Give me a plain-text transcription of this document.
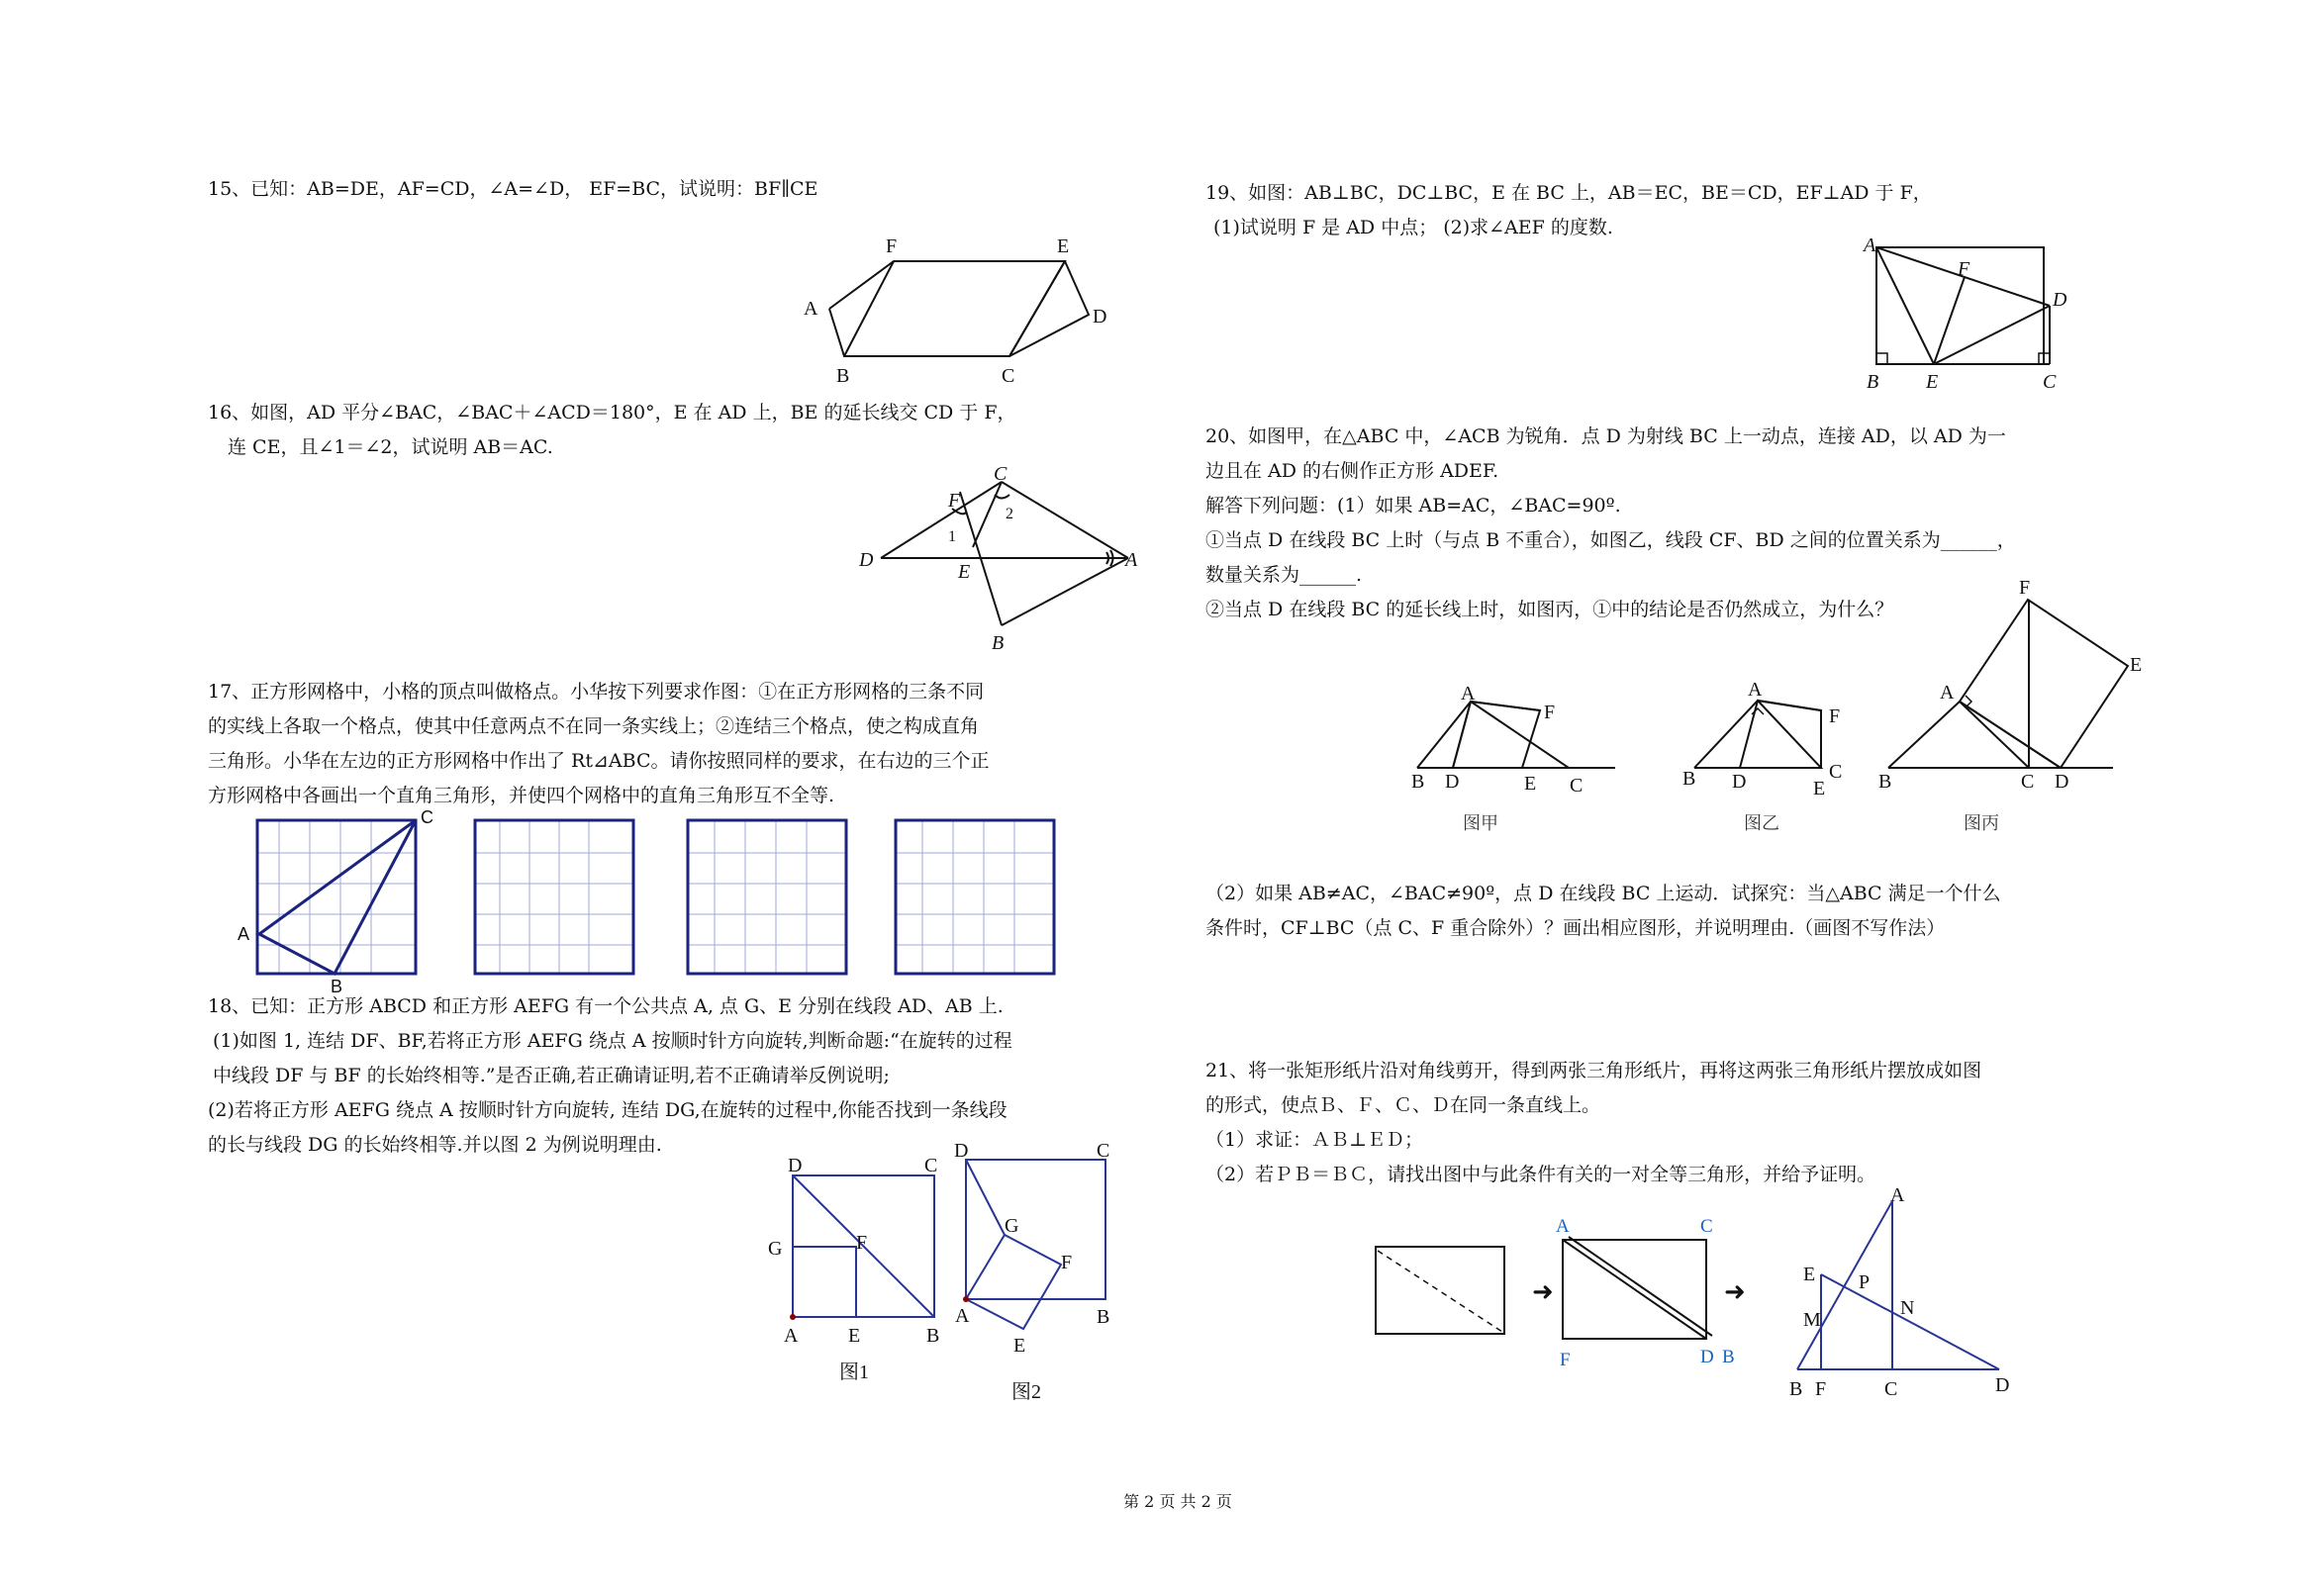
15、已知：AB=DE，AF=CD，∠A=∠D， EF=BC，试说明：BF∥CE

16、如图，AD 平分∠BAC，∠BAC＋∠ACD＝180°，E 在 AD 上，BE 的延长线交 CD 于 F，

连 CE，且∠1＝∠2，试说明 AB＝AC.

17、正方形网格中，小格的顶点叫做格点。小华按下列要求作图：①在正方形网格的三条不同

的实线上各取一个格点，使其中任意两点不在同一条实线上；②连结三个格点，使之构成直角

三角形。小华在左边的正方形网格中作出了 Rt⊿ABC。请你按照同样的要求，在右边的三个正

方形网格中各画出一个直角三角形，并使四个网格中的直角三角形互不全等.

18、已知：正方形 ABCD 和正方形 AEFG 有一个公共点 A, 点 G、E 分别在线段 AD、AB 上.

(1)如图 1, 连结 DF、BF,若将正方形 AEFG 绕点 A 按顺时针方向旋转,判断命题:“在旋转的过程

中线段 DF 与 BF 的长始终相等.”是否正确,若正确请证明,若不正确请举反例说明;

(2)若将正方形 AEFG 绕点 A 按顺时针方向旋转, 连结 DG,在旋转的过程中,你能否找到一条线段

的长与线段 DG 的长始终相等.并以图 2 为例说明理由.

19、如图：AB⊥BC，DC⊥BC，E 在 BC 上，AB＝EC，BE＝CD，EF⊥AD 于 F，

(1)试说明 F 是 AD 中点； (2)求∠AEF 的度数.

20、如图甲，在△ABC 中，∠ACB 为锐角．点 D 为射线 BC 上一动点，连接 AD，以 AD 为一

边且在 AD 的右侧作正方形 ADEF.

解答下列问题：(1）如果 AB=AC，∠BAC=90º.

①当点 D 在线段 BC 上时（与点 B 不重合），如图乙，线段 CF、BD 之间的位置关系为______，

数量关系为______.

②当点 D 在线段 BC 的延长线上时，如图丙，①中的结论是否仍然成立，为什么？

（2）如果 AB≠AC，∠BAC≠90º，点 D 在线段 BC 上运动．试探究：当△ABC 满足一个什么

条件时，CF⊥BC（点 C、F 重合除外）？画出相应图形，并说明理由.（画图不写作法）

21、将一张矩形纸片沿对角线剪开，得到两张三角形纸片，再将这两张三角形纸片摆放成如图

的形式，使点Ｂ、Ｆ、Ｃ、Ｄ在同一条直线上。

（1）求证：ＡＢ⊥ＥＤ；

（2）若ＰＢ＝ＢＣ，请找出图中与此条件有关的一对全等三角形，并给予证明。

A
F	E
D
B	C
C
F
2
1
D
E
A
B
C
A
B
D	C
G	F
A	E	B
图1
D	C
G
F
A	B
E
图2
A
F
D
B E	C
A
F
B D	E C
图甲
A
F
B D	C
E
图乙
F
E
A
B	C D
图丙
➜
A	C
F	D B
➜
A
E P
N
M
B F	C	D
第 2 页 共 2 页
